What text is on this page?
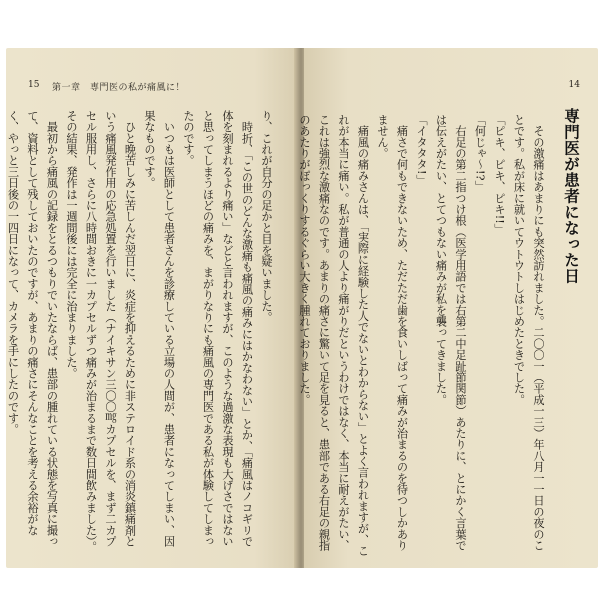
15 第一章　専門医の私が痛風に！

り、これが自分の足かと目を疑いました。

　時折、「この世のどんな激痛も痛風の痛みにはかなわない」とか、「痛風はノコギリで体を刻まれるより痛い」などと言われますが、このような過激な表現も大げさではないと思ってしまうほどの痛みを、まがりなりにも痛風の専門医である私が体験してしまったのです。

　いつもは医師として患者さんを診療している立場の人間が、患者になってしまい、因果なものです。

　ひと晩苦しみに苦しんだ翌日に、炎症を抑えるために非ステロイド系の消炎鎮痛剤という痛風発作用の応急処置を行いました（ナイキサン三〇〇㎎カプセルを、まず二カプセル服用し、さらに八時間おきに一カプセルずつ痛みが治まるまで数日間飲みました）。その結果、発作は一週間後には完全に治まりました。

　最初から痛風の記録をとるつもりでいたならば、患部の腫れている状態を写真に撮って、資料として残しておいたのですが、あまりの痛さにそんなことを考える余裕がなく、やっと三日後の一四日になって、カメラを手にしたのです。

14
専門医が患者になった日

　その激痛はあまりにも突然訪れました。二〇〇一（平成一三）年八月一一日の夜のことです。私が床に就いてウトウトしはじめたときでした。

「ピキ、ピキ、ピキ!!」

「何じゃ〜!?」

　右足の第二指つけ根（医学用語では右第二中足趾節関節）あたりに、とにかく言葉では伝えがたい、とてつもない痛みが私を襲ってきました。

「イタタタ!」

　痛さで何もできないため、ただただ歯を食いしばって痛みが治まるのを待つしかありません。

　痛風の痛みさんは、「実際に経験した人でないとわからない」とよく言われますが、これが本当に痛い。私が普通の人より痛がりだというわけではなく、本当に耐えがたい、これは強烈な激痛なのです。あまりの痛さに驚いて足を見ると、患部である右足の親指のあたりがぽっくりするぐらい大きく腫れておりました。
